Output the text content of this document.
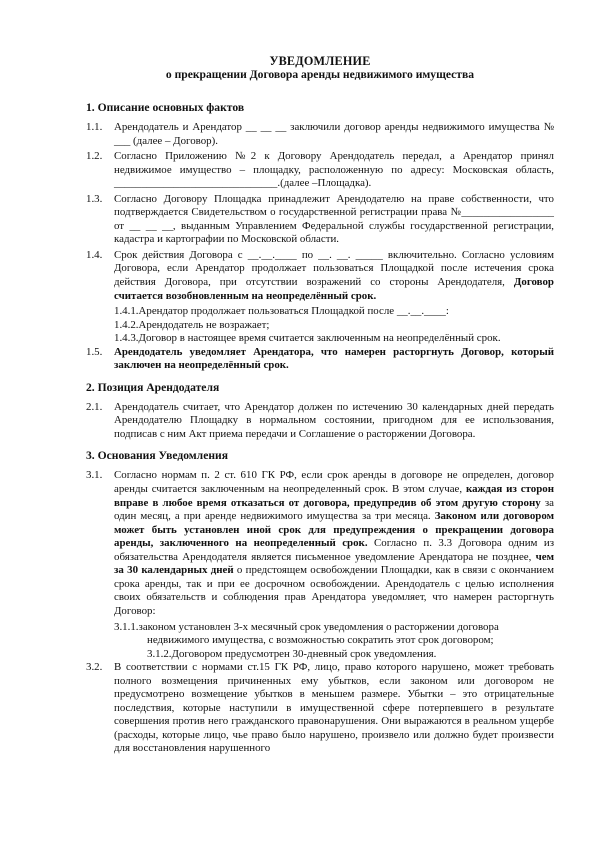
УВЕДОМЛЕНИЕ
о прекращении Договора аренды недвижимого имущества
1. Описание основных фактов
1.1. Арендодатель и Арендатор __ __ __ заключили договор аренды недвижимого имущества № ___ (далее – Договор).
1.2. Согласно Приложению №2 к Договору Арендодатель передал, а Арендатор принял недвижимое имущество – площадку, расположенную по адресу: Московская область, ______________________________.(далее –Площадка).
1.3. Согласно Договору Площадка принадлежит Арендодателю на праве собственности, что подтверждается Свидетельством о государственной регистрации права №_________________ от __ __ __, выданным Управлением Федеральной службы государственной регистрации, кадастра и картографии по Московской области.
1.4. Срок действия Договора с __.__.____ по __. __. _____ включительно. Согласно условиям Договора, если Арендатор продолжает пользоваться Площадкой после истечения срока действия Договора, при отсутствии возражений со стороны Арендодателя, Договор считается возобновленным на неопределённый срок.
1.4.1.Арендатор продолжает пользоваться Площадкой после __.__.____:
1.4.2.Арендодатель не возражает;
1.4.3.Договор в настоящее время считается заключенным на неопределённый срок.
1.5. Арендодатель уведомляет Арендатора, что намерен расторгнуть Договор, который заключен на неопределённый срок.
2. Позиция Арендодателя
2.1. Арендодатель считает, что Арендатор должен по истечению 30 календарных дней передать Арендодателю Площадку в нормальном состоянии, пригодном для ее использования, подписав с ним Акт приема передачи и Соглашение о расторжении Договора.
3. Основания Уведомления
3.1. Согласно нормам п. 2 ст. 610 ГК РФ, если срок аренды в договоре не определен, договор аренды считается заключенным на неопределенный срок. В этом случае, каждая из сторон вправе в любое время отказаться от договора, предупредив об этом другую сторону за один месяц, а при аренде недвижимого имущества за три месяца. Законом или договором может быть установлен иной срок для предупреждения о прекращении договора аренды, заключенного на неопределенный срок. Согласно п. 3.3 Договора одним из обязательства Арендодателя является письменное уведомление Арендатора не позднее, чем за 30 календарных дней о предстоящем освобождении Площадки, как в связи с окончанием срока аренды, так и при ее досрочном освобождении. Арендодатель с целью исполнения своих обязательств и соблюдения прав Арендатора уведомляет, что намерен расторгнуть Договор:
3.1.1.законом установлен 3-х месячный срок уведомления о расторжении договора
недвижимого имущества, с возможностью сократить этот срок договором;
3.1.2.Договором предусмотрен 30-дневный срок уведомления.
3.2. В соответствии с нормами ст.15 ГК РФ, лицо, право которого нарушено, может требовать полного возмещения причиненных ему убытков, если законом или договором не предусмотрено возмещение убытков в меньшем размере. Убытки – это отрицательные последствия, которые наступили в имущественной сфере потерпевшего в результате совершения против него гражданского правонарушения. Они выражаются в реальном ущербе (расходы, которые лицо, чье право было нарушено, произвело или должно будет произвести для восстановления нарушенного
